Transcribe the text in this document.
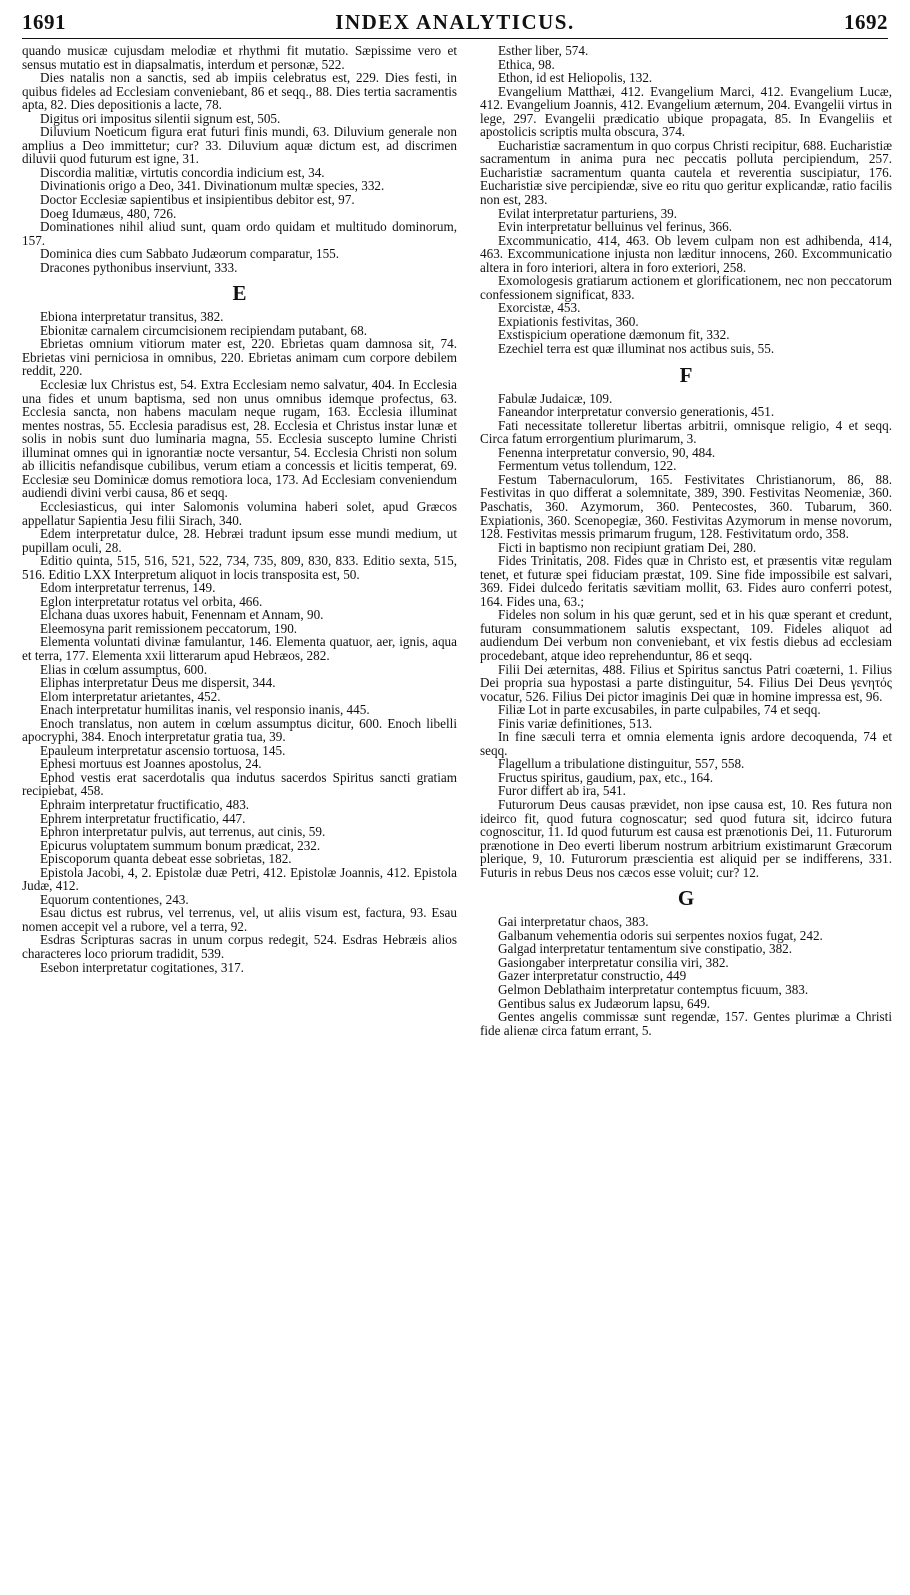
1691	INDEX ANALYTICUS.	1692

quando musicæ cujusdam melodiæ et rhythmi fit mutatio. Sæpissime vero et sensus mutatio est in diapsalmatis, interdum et personæ, 522.

Dies natalis non a sanctis, sed ab impiis celebratus est, 229. Dies festi, in quibus fideles ad Ecclesiam conveniebant, 86 et seqq., 88. Dies tertia sacramentis apta, 82. Dies depositionis a lacte, 78.

Digitus ori impositus silentii signum est, 505.

Diluvium Noeticum figura erat futuri finis mundi, 63. Diluvium generale non amplius a Deo immittetur; cur? 33. Diluvium aquæ dictum est, ad discrimen diluvii quod futurum est igne, 31.

Discordia malitiæ, virtutis concordia indicium est, 34.

Divinationis origo a Deo, 341. Divinationum multæ species, 332.

Doctor Ecclesiæ sapientibus et insipientibus debitor est, 97.

Doeg Idumæus, 480, 726.

Dominationes nihil aliud sunt, quam ordo quidam et multitudo dominorum, 157.

Dominica dies cum Sabbato Judæorum comparatur, 155.

Dracones pythonibus inserviunt, 333.

E

Ebiona interpretatur transitus, 382.

Ebionitæ carnalem circumcisionem recipiendam putabant, 68.

Ebrietas omnium vitiorum mater est, 220. Ebrietas quam damnosa sit, 74. Ebrietas vini perniciosa in omnibus, 220. Ebrietas animam cum corpore debilem reddit, 220.

Ecclesiæ lux Christus est, 54. Extra Ecclesiam nemo salvatur, 404. In Ecclesia una fides et unum baptisma, sed non unus omnibus idemque profectus, 63. Ecclesia sancta, non habens maculam neque rugam, 163. Ecclesia illuminat mentes nostras, 55. Ecclesia paradisus est, 28. Ecclesia et Christus instar lunæ et solis in nobis sunt duo luminaria magna, 55. Ecclesia suscepto lumine Christi illuminat omnes qui in ignorantiæ nocte versantur, 54. Ecclesia Christi non solum ab illicitis nefandisque cubilibus, verum etiam a concessis et licitis temperat, 69. Ecclesiæ seu Dominicæ domus remotiora loca, 173. Ad Ecclesiam conveniendum audiendi divini verbi causa, 86 et seqq.

Ecclesiasticus, qui inter Salomonis volumina haberi solet, apud Græcos appellatur Sapientia Jesu filii Sirach, 340.

Edem interpretatur dulce, 28. Hebræi tradunt ipsum esse mundi medium, ut pupillam oculi, 28.

Editio quinta, 515, 516, 521, 522, 734, 735, 809, 830, 833. Editio sexta, 515, 516. Editio LXX Interpretum aliquot in locis transposita est, 50.

Edom interpretatur terrenus, 149.

Eglon interpretatur rotatus vel orbita, 466.

Elchana duas uxores habuit, Fenennam et Annam, 90.

Eleemosyna parit remissionem peccatorum, 190.

Elementa voluntati divinæ famulantur, 146. Elementa quatuor, aer, ignis, aqua et terra, 177. Elementa xxii litterarum apud Hebræos, 282.

Elias in cœlum assumptus, 600.

Eliphas interpretatur Deus me dispersit, 344.

Elom interpretatur arietantes, 452.

Enach interpretatur humilitas inanis, vel responsio inanis, 445.

Enoch translatus, non autem in cœlum assumptus dicitur, 600. Enoch libelli apocryphi, 384. Enoch interpretatur gratia tua, 39.

Epauleum interpretatur ascensio tortuosa, 145.

Ephesi mortuus est Joannes apostolus, 24.

Ephod vestis erat sacerdotalis qua indutus sacerdos Spiritus sancti gratiam recipiebat, 458.

Ephraim interpretatur fructificatio, 483.

Ephrem interpretatur fructificatio, 447.

Ephron interpretatur pulvis, aut terrenus, aut cinis, 59.

Epicurus voluptatem summum bonum prædicat, 232.

Episcoporum quanta debeat esse sobrietas, 182.

Epistola Jacobi, 4, 2. Epistolæ duæ Petri, 412. Epistolæ Joannis, 412. Epistola Judæ, 412.

Equorum contentiones, 243.

Esau dictus est rubrus, vel terrenus, vel, ut aliis visum est, factura, 93. Esau nomen accepit vel a rubore, vel a terra, 92.

Esdras Scripturas sacras in unum corpus redegit, 524. Esdras Hebræis alios characteres loco priorum tradidit, 539.

Esebon interpretatur cogitationes, 317.

Esther liber, 574.

Ethica, 98.

Ethon, id est Heliopolis, 132.

Evangelium Matthæi, 412. Evangelium Marci, 412. Evangelium Lucæ, 412. Evangelium Joannis, 412. Evangelium æternum, 204. Evangelii virtus in lege, 297. Evangelii prædicatio ubique propagata, 85. In Evangeliis et apostolicis scriptis multa obscura, 374.

Eucharistiæ sacramentum in quo corpus Christi recipitur, 688. Eucharistiæ sacramentum in anima pura nec peccatis polluta percipiendum, 257. Eucharistiæ sacramentum quanta cautela et reverentia suscipiatur, 176. Eucharistiæ sive percipiendæ, sive eo ritu quo geritur explicandæ, ratio facilis non est, 283.

Evilat interpretatur parturiens, 39.

Evin interpretatur belluinus vel ferinus, 366.

Excommunicatio, 414, 463. Ob levem culpam non est adhibenda, 414, 463. Excommunicatione injusta non læditur innocens, 260. Excommunicatio altera in foro interiori, altera in foro exteriori, 258.

Exomologesis gratiarum actionem et glorificationem, nec non peccatorum confessionem significat, 833.

Exorcistæ, 453.

Expiationis festivitas, 360.

Exstispicium operatione dæmonum fit, 332.

Ezechiel terra est quæ illuminat nos actibus suis, 55.

F

Fabulæ Judaicæ, 109.

Faneandor interpretatur conversio generationis, 451.

Fati necessitate tolleretur libertas arbitrii, omnisque religio, 4 et seqq. Circa fatum errorgentium plurimarum, 3.

Fenenna interpretatur conversio, 90, 484.

Fermentum vetus tollendum, 122.

Festum Tabernaculorum, 165. Festivitates Christianorum, 86, 88. Festivitas in quo differat a solemnitate, 389, 390. Festivitas Neomeniæ, 360. Paschatis, 360. Azymorum, 360. Pentecostes, 360. Tubarum, 360. Expiationis, 360. Scenopegiæ, 360. Festivitas Azymorum in mense novorum, 128. Festivitas messis primarum frugum, 128. Festivitatum ordo, 358.

Ficti in baptismo non recipiunt gratiam Dei, 280.

Fides Trinitatis, 208. Fides quæ in Christo est, et præsentis vitæ regulam tenet, et futuræ spei fiduciam præstat, 109. Sine fide impossibile est salvari, 369. Fidei dulcedo feritatis sævitiam mollit, 63. Fides auro conferri potest, 164. Fides una, 63.;

Fideles non solum in his quæ gerunt, sed et in his quæ sperant et credunt, futuram consummationem salutis exspectant, 109. Fideles aliquot ad audiendum Dei verbum non conveniebant, et vix festis diebus ad ecclesiam procedebant, atque ideo reprehenduntur, 86 et seqq.

Filii Dei æternitas, 488. Filius et Spiritus sanctus Patri coæterni, 1. Filius Dei propria sua hypostasi a parte distinguitur, 54. Filius Dei Deus γενητός vocatur, 526. Filius Dei pictor imaginis Dei quæ in homine impressa est, 96.

Filiæ Lot in parte excusabiles, in parte culpabiles, 74 et seqq.

Finis variæ definitiones, 513.

In fine sæculi terra et omnia elementa ignis ardore decoquenda, 74 et seqq.

Flagellum a tribulatione distinguitur, 557, 558.

Fructus spiritus, gaudium, pax, etc., 164.

Furor differt ab ira, 541.

Futurorum Deus causas prævidet, non ipse causa est, 10. Res futura non ideirco fit, quod futura cognoscatur; sed quod futura sit, idcirco futura cognoscitur, 11. Id quod futurum est causa est prænotionis Dei, 11. Futurorum prænotione in Deo everti liberum nostrum arbitrium existimarunt Græcorum plerique, 9, 10. Futurorum præscientia est aliquid per se indifferens, 331. Futuris in rebus Deus nos cæcos esse voluit; cur? 12.

G

Gai interpretatur chaos, 383.

Galbanum vehementia odoris sui serpentes noxios fugat, 242.

Galgad interpretatur tentamentum sive constipatio, 382.

Gasiongaber interpretatur consilia viri, 382.

Gazer interpretatur constructio, 449

Gelmon Deblathaim interpretatur contemptus ficuum, 383.

Gentibus salus ex Judæorum lapsu, 649.

Gentes angelis commissæ sunt regendæ, 157. Gentes plurimæ a Christi fide alienæ circa fatum errant, 5.
